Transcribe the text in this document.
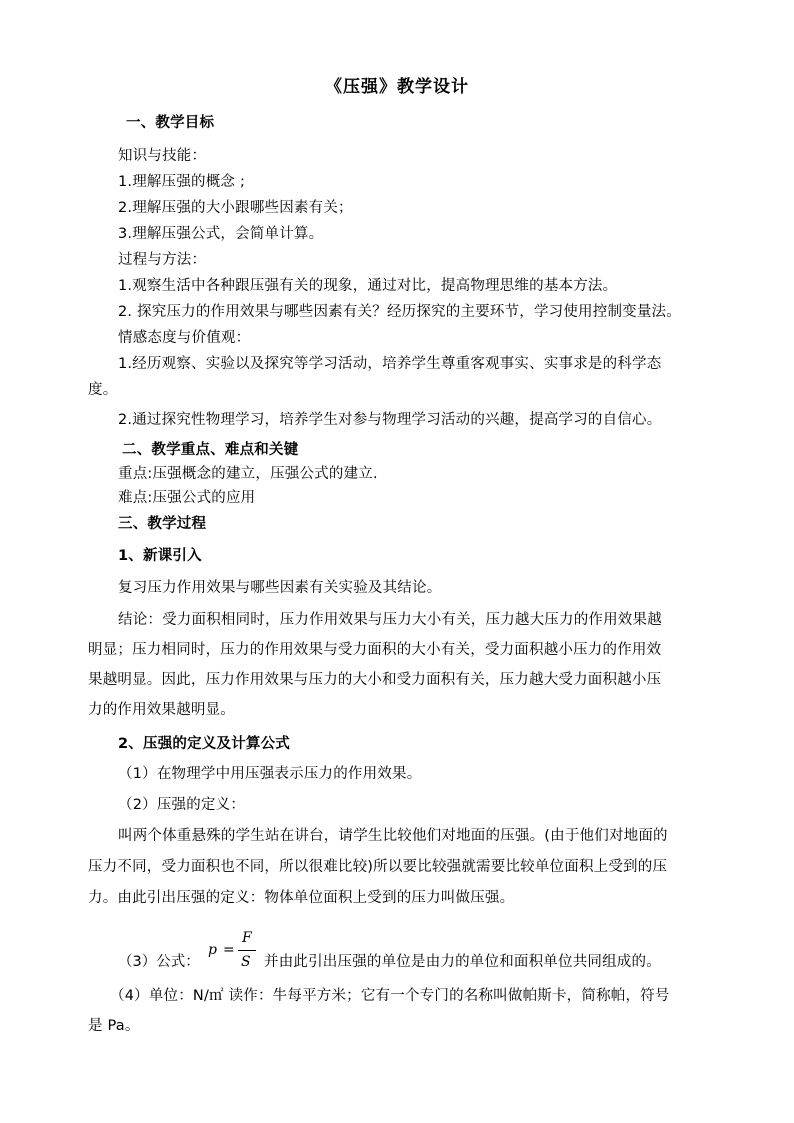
《压强》教学设计
一、教学目标
知识与技能：
1.理解压强的概念 ;
2.理解压强的大小跟哪些因素有关；
3.理解压强公式，会简单计算。
过程与方法：
1.观察生活中各种跟压强有关的现象，通过对比，提高物理思维的基本方法。
2. 探究压力的作用效果与哪些因素有关？经历探究的主要环节，学习使用控制变量法。
情感态度与价值观：
1.经历观察、实验以及探究等学习活动，培养学生尊重客观事实、实事求是的科学态
度。
2.通过探究性物理学习，培养学生对参与物理学习活动的兴趣，提高学习的自信心。
二、教学重点、难点和关键
重点:压强概念的建立，压强公式的建立.
难点:压强公式的应用
三、教学过程
1、新课引入
复习压力作用效果与哪些因素有关实验及其结论。
结论：受力面积相同时，压力作用效果与压力大小有关，压力越大压力的作用效果越
明显；压力相同时，压力的作用效果与受力面积的大小有关，受力面积越小压力的作用效
果越明显。因此，压力作用效果与压力的大小和受力面积有关，压力越大受力面积越小压
力的作用效果越明显。
2、压强的定义及计算公式
（1）在物理学中用压强表示压力的作用效果。
（2）压强的定义：
叫两个体重悬殊的学生站在讲台，请学生比较他们对地面的压强。(由于他们对地面的
压力不同，受力面积也不同，所以很难比较)所以要比较强就需要比较单位面积上受到的压
力。由此引出压强的定义：物体单位面积上受到的压力叫做压强。
（3）公式：
p =
F
S 并由此引出压强的单位是由力的单位和面积单位共同组成的。
（4）单位：N/㎡ 读作：牛每平方米；它有一个专门的名称叫做帕斯卡，简称帕，符号
是 Pa。
